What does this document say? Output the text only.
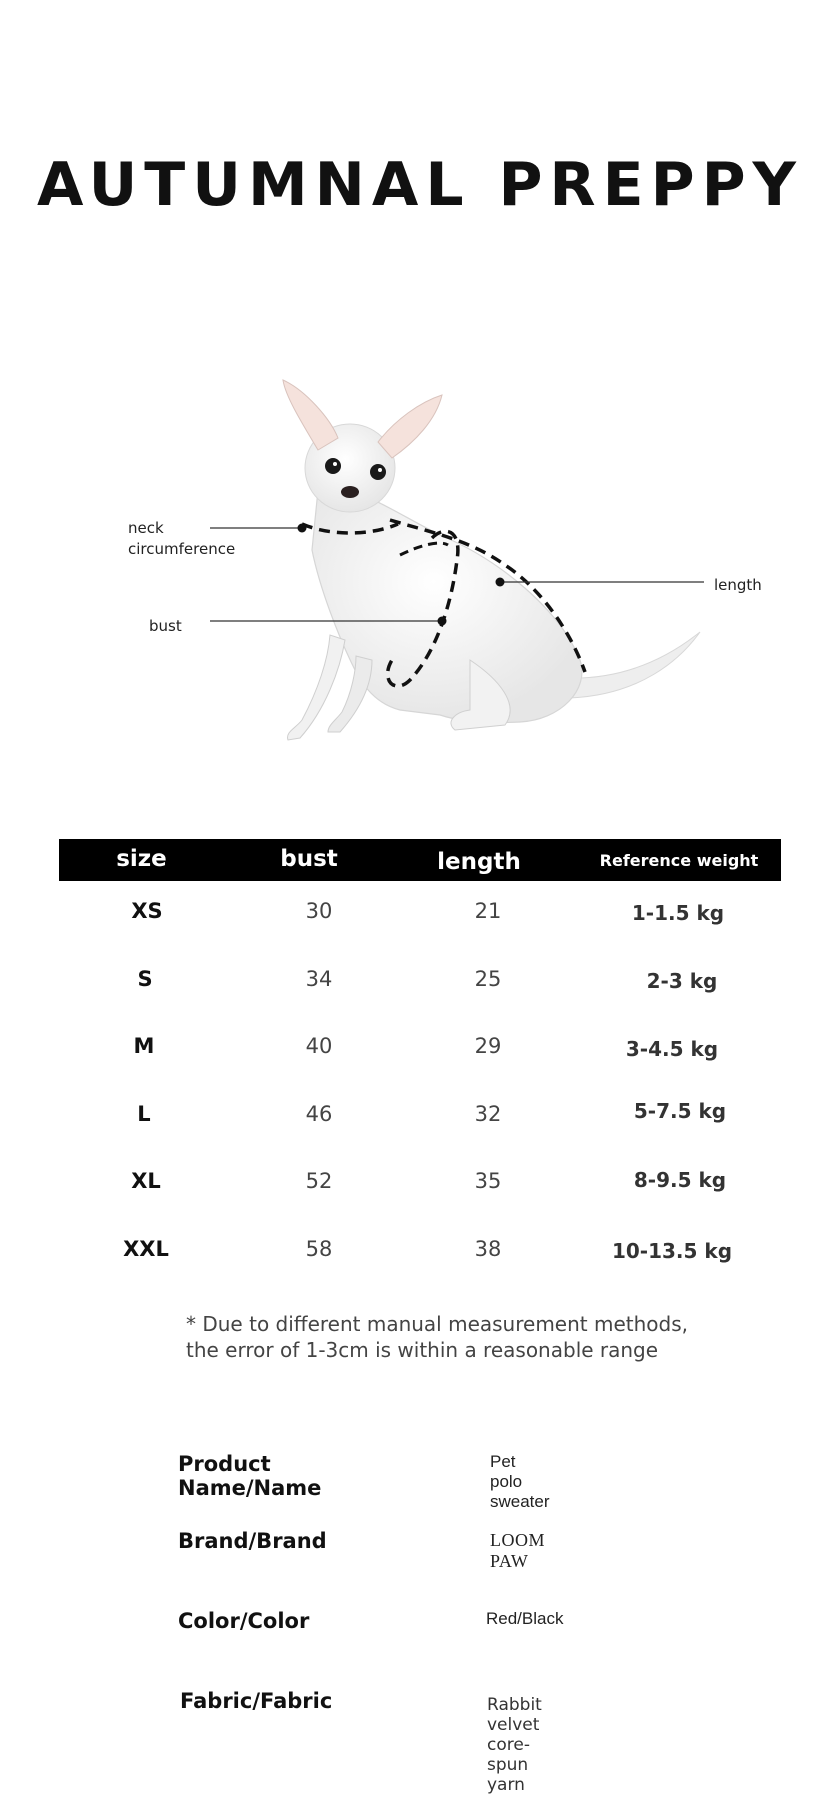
AUTUMNAL PREPPY
neck
circumference
bust
length
size	bust	length	Reference weight
XS	30	21	1-1.5 kg
S	34	25	2-3 kg
M	40	29	3-4.5 kg
L	46	32	5-7.5 kg
XL	52	35	8-9.5 kg
XXL	58	38	10-13.5 kg
* Due to different manual measurement methods,
the error of 1-3cm is within a reasonable range
Product Name/Name
Pet polo sweater
Brand/Brand	LOOM PAW
Color/Color	Red/Black
Fabric/Fabric	Rabbit velvet core-spun yarn
